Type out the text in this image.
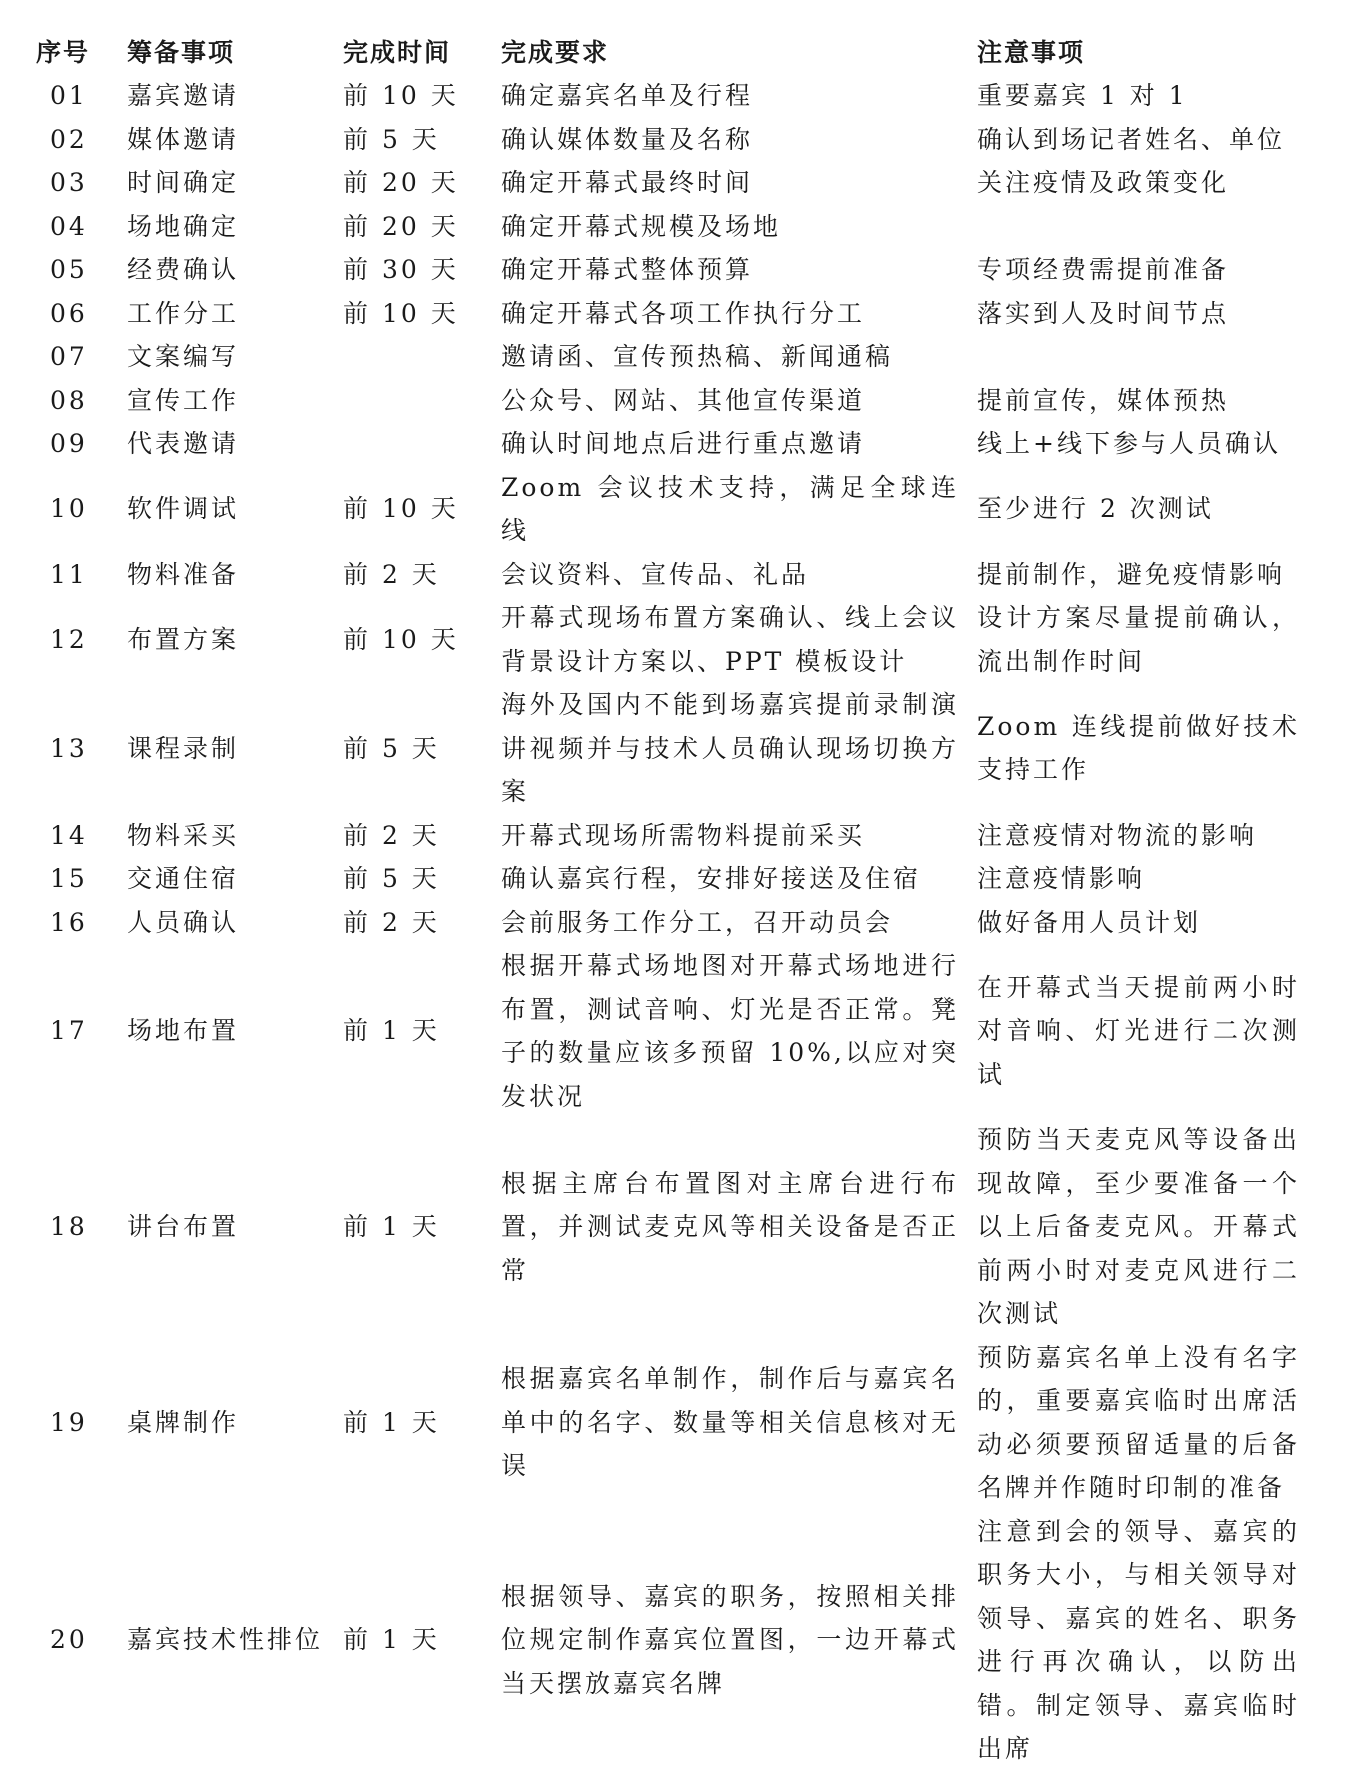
序号	筹备事项	完成时间	完成要求	注意事项
01	嘉宾邀请	前 10 天	确定嘉宾名单及行程	重要嘉宾 1 对 1
02	媒体邀请	前 5 天	确认媒体数量及名称	确认到场记者姓名、单位
03	时间确定	前 20 天	确定开幕式最终时间	关注疫情及政策变化
04	场地确定	前 20 天	确定开幕式规模及场地	
05	经费确认	前 30 天	确定开幕式整体预算	专项经费需提前准备
06	工作分工	前 10 天	确定开幕式各项工作执行分工	落实到人及时间节点
07	文案编写		邀请函、宣传预热稿、新闻通稿	
08	宣传工作		公众号、网站、其他宣传渠道	提前宣传，媒体预热
09	代表邀请		确认时间地点后进行重点邀请	线上+线下参与人员确认
10	软件调试	前 10 天	Zoom 会议技术支持，满足全球连线	至少进行 2 次测试
11	物料准备	前 2 天	会议资料、宣传品、礼品	提前制作，避免疫情影响
12	布置方案	前 10 天	开幕式现场布置方案确认、线上会议背景设计方案以、PPT 模板设计	设计方案尽量提前确认，流出制作时间
13	课程录制	前 5 天	海外及国内不能到场嘉宾提前录制演讲视频并与技术人员确认现场切换方案	Zoom 连线提前做好技术支持工作
14	物料采买	前 2 天	开幕式现场所需物料提前采买	注意疫情对物流的影响
15	交通住宿	前 5 天	确认嘉宾行程，安排好接送及住宿	注意疫情影响
16	人员确认	前 2 天	会前服务工作分工，召开动员会	做好备用人员计划
17	场地布置	前 1 天	根据开幕式场地图对开幕式场地进行布置，测试音响、灯光是否正常。凳子的数量应该多预留 10%,以应对突发状况	在开幕式当天提前两小时对音响、灯光进行二次测试
18	讲台布置	前 1 天	根据主席台布置图对主席台进行布置，并测试麦克风等相关设备是否正常	预防当天麦克风等设备出现故障，至少要准备一个以上后备麦克风。开幕式前两小时对麦克风进行二次测试
19	桌牌制作	前 1 天	根据嘉宾名单制作，制作后与嘉宾名单中的名字、数量等相关信息核对无误	预防嘉宾名单上没有名字的，重要嘉宾临时出席活动必须要预留适量的后备名牌并作随时印制的准备
20	嘉宾技术性排位	前 1 天	根据领导、嘉宾的职务，按照相关排位规定制作嘉宾位置图，一边开幕式当天摆放嘉宾名牌	注意到会的领导、嘉宾的职务大小，与相关领导对领导、嘉宾的姓名、职务进行再次确认，以防出错。制定领导、嘉宾临时出席
